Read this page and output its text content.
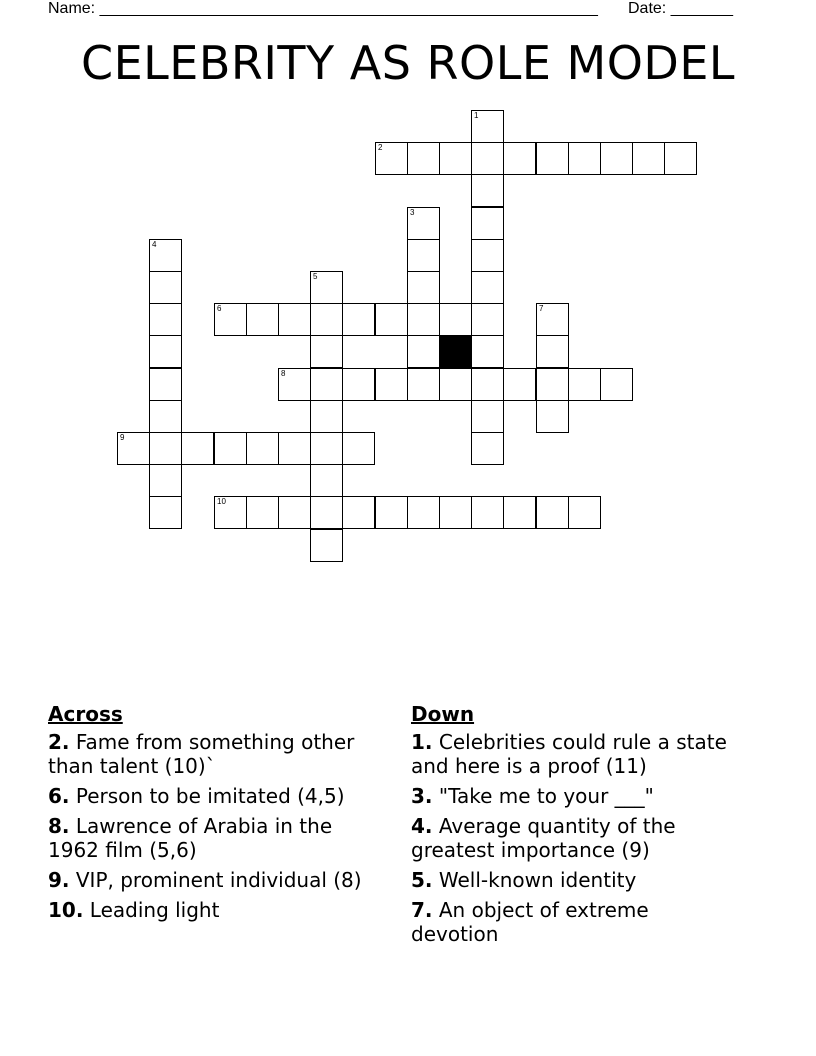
Name: ________________________________________________________ Date: _______
CELEBRITY AS ROLE MODEL
1
2
3
4
5
6	7
8
9
10
Across
2. Fame from something other than talent (10)`
6. Person to be imitated (4,5)
8. Lawrence of Arabia in the 1962 film (5,6)
9. VIP, prominent individual (8)
10. Leading light
Down
1. Celebrities could rule a state and here is a proof (11)
3. "Take me to your ___"
4. Average quantity of the greatest importance (9)
5. Well-known identity
7. An object of extreme devotion
